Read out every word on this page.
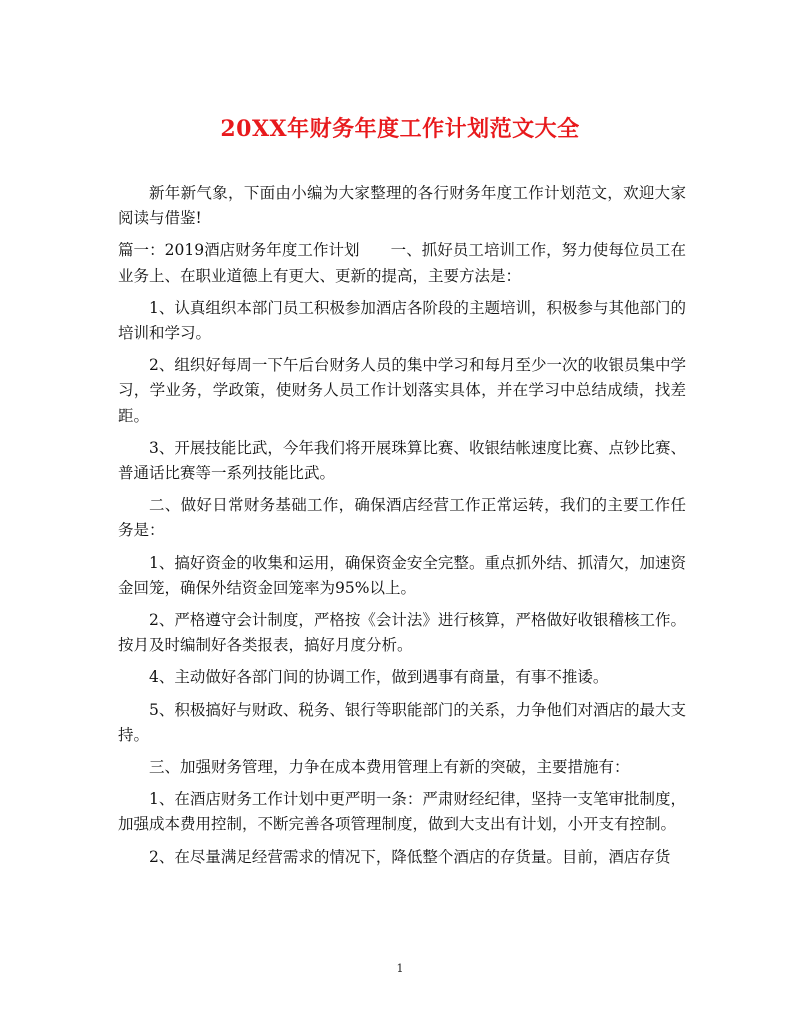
20XX年财务年度工作计划范文大全

新年新气象，下面由小编为大家整理的各行财务年度工作计划范文，欢迎大家阅读与借鉴!

篇一：2019酒店财务年度工作计划　　一、抓好员工培训工作，努力使每位员工在业务上、在职业道德上有更大、更新的提高，主要方法是：

1、认真组织本部门员工积极参加酒店各阶段的主题培训，积极参与其他部门的培训和学习。

2、组织好每周一下午后台财务人员的集中学习和每月至少一次的收银员集中学习，学业务，学政策，使财务人员工作计划落实具体，并在学习中总结成绩，找差距。

3、开展技能比武，今年我们将开展珠算比赛、收银结帐速度比赛、点钞比赛、普通话比赛等一系列技能比武。

二、做好日常财务基础工作，确保酒店经营工作正常运转，我们的主要工作任务是：

1、搞好资金的收集和运用，确保资金安全完整。重点抓外结、抓清欠，加速资金回笼，确保外结资金回笼率为95%以上。

2、严格遵守会计制度，严格按《会计法》进行核算，严格做好收银稽核工作。按月及时编制好各类报表，搞好月度分析。

4、主动做好各部门间的协调工作，做到遇事有商量，有事不推诿。

5、积极搞好与财政、税务、银行等职能部门的关系，力争他们对酒店的最大支持。

三、加强财务管理，力争在成本费用管理上有新的突破，主要措施有：

1、在酒店财务工作计划中更严明一条：严肃财经纪律，坚持一支笔审批制度，加强成本费用控制，不断完善各项管理制度，做到大支出有计划，小开支有控制。

2、在尽量满足经营需求的情况下，降低整个酒店的存货量。目前，酒店存货

1
